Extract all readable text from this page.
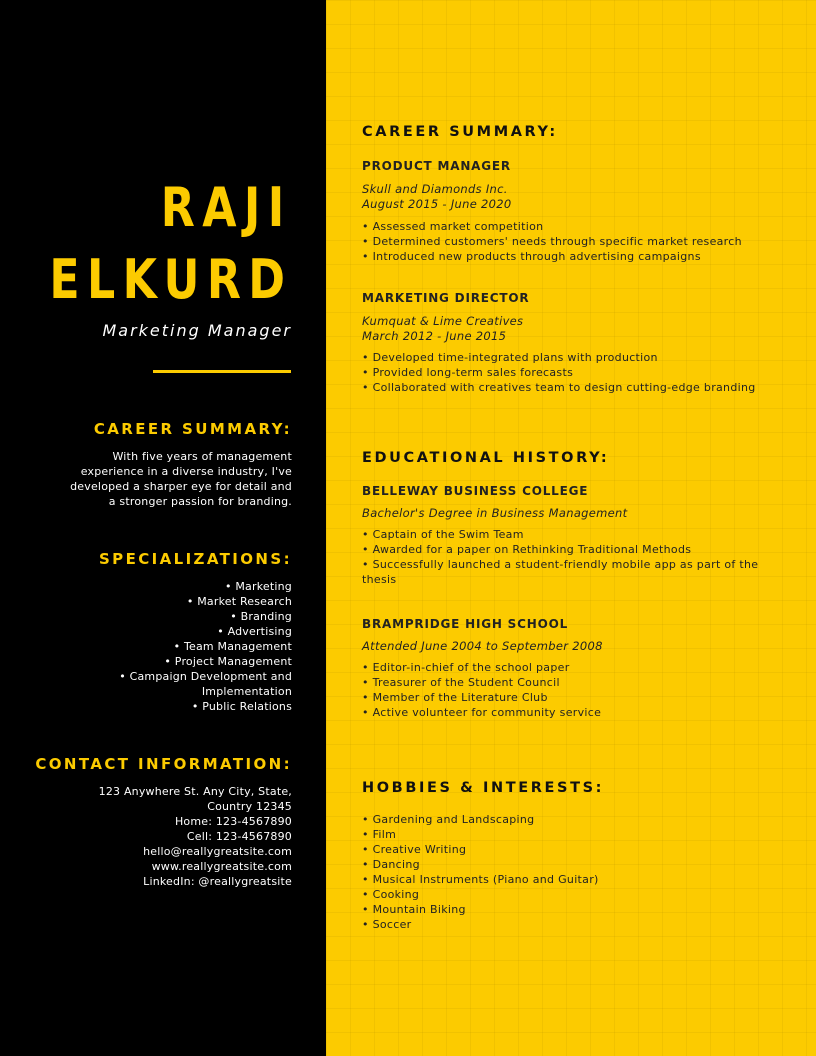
RAJI
ELKURD
Marketing Manager
CAREER SUMMARY:
With five years of management
experience in a diverse industry, I've
developed a sharper eye for detail and
a stronger passion for branding.
SPECIALIZATIONS:
• Marketing
• Market Research
• Branding
• Advertising
• Team Management
• Project Management
• Campaign Development and
Implementation
• Public Relations
CONTACT INFORMATION:
123 Anywhere St. Any City, State,
Country 12345
Home: 123-4567890
Cell: 123-4567890
hello@reallygreatsite.com
www.reallygreatsite.com
LinkedIn: @reallygreatsite
CAREER SUMMARY:
PRODUCT MANAGER
Skull and Diamonds Inc.
August 2015 - June 2020
• Assessed market competition
• Determined customers' needs through specific market research
• Introduced new products through advertising campaigns
MARKETING DIRECTOR
Kumquat & Lime Creatives
March 2012 - June 2015
• Developed time-integrated plans with production
• Provided long-term sales forecasts
• Collaborated with creatives team to design cutting-edge branding
EDUCATIONAL HISTORY:
BELLEWAY BUSINESS COLLEGE
Bachelor's Degree in Business Management
• Captain of the Swim Team
• Awarded for a paper on Rethinking Traditional Methods
• Successfully launched a student-friendly mobile app as part of the thesis
BRAMPRIDGE HIGH SCHOOL
Attended June 2004 to September 2008
• Editor-in-chief of the school paper
• Treasurer of the Student Council
• Member of the Literature Club
• Active volunteer for community service
HOBBIES & INTERESTS:
• Gardening and Landscaping
• Film
• Creative Writing
• Dancing
• Musical Instruments (Piano and Guitar)
• Cooking
• Mountain Biking
• Soccer
